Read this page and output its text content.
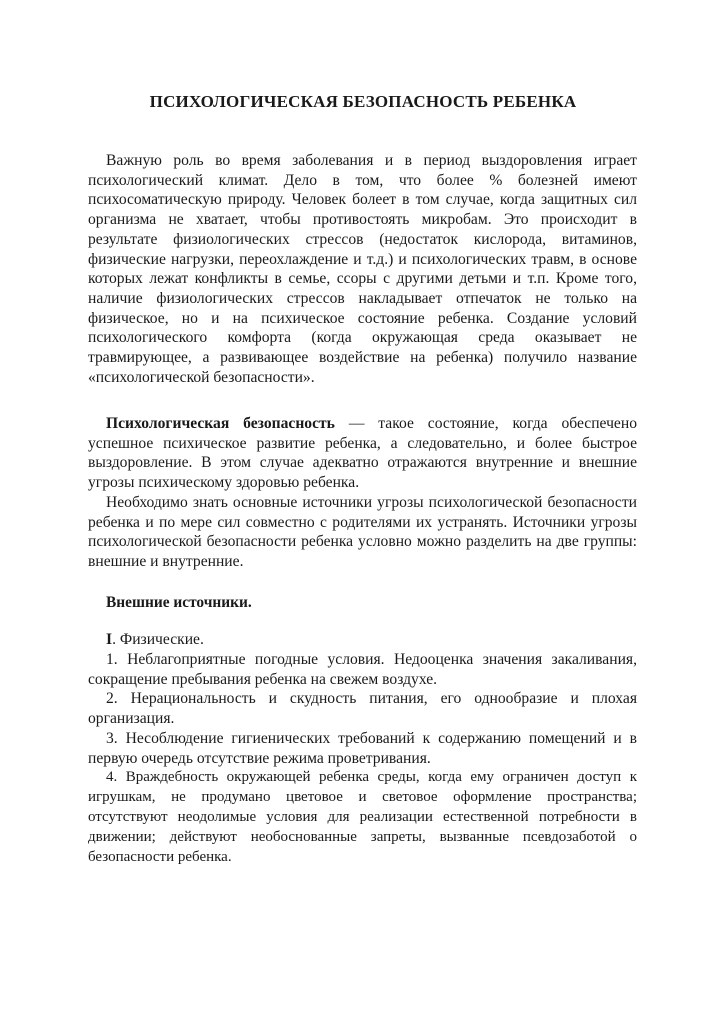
ПСИХОЛОГИЧЕСКАЯ БЕЗОПАСНОСТЬ РЕБЕНКА

Важную роль во время заболевания и в период выздоровления играет психологический климат. Дело в том, что более % болезней имеют психосоматическую природу. Человек болеет в том случае, когда защитных сил организма не хватает, чтобы противостоять микробам. Это происходит в результате физиологических стрессов (недостаток кислорода, витаминов, физические нагрузки, переохлаждение и т.д.) и психологических травм, в основе которых лежат конфликты в семье, ссоры с другими детьми и т.п. Кроме того, наличие физиологических стрессов накладывает отпечаток не только на физическое, но и на психическое состояние ребенка. Создание условий психологического комфорта (когда окружающая среда оказывает не травмирующее, а развивающее воздействие на ребенка) получило название «психологической безопасности».

Психологическая безопасность — такое состояние, когда обеспечено успешное психическое развитие ребенка, а следовательно, и более быстрое выздоровление. В этом случае адекватно отражаются внутренние и внешние угрозы психическому здоровью ребенка.

Необходимо знать основные источники угрозы психологической безопасности ребенка и по мере сил совместно с родителями их устранять. Источники угрозы психологической безопасности ребенка условно можно разделить на две группы: внешние и внутренние.

Внешние источники.

I. Физические.

1. Неблагоприятные погодные условия. Недооценка значения закаливания, сокращение пребывания ребенка на свежем воздухе.

2. Нерациональность и скудность питания, его однообразие и плохая организация.

3. Несоблюдение гигиенических требований к содержанию помещений и в первую очередь отсутствие режима проветривания.

4. Враждебность окружающей ребенка среды, когда ему ограничен доступ к игрушкам, не продумано цветовое и световое оформление пространства; отсутствуют неодолимые условия для реализации естественной потребности в движении; действуют необоснованные запреты, вызванные псевдозаботой о безопасности ребенка.
